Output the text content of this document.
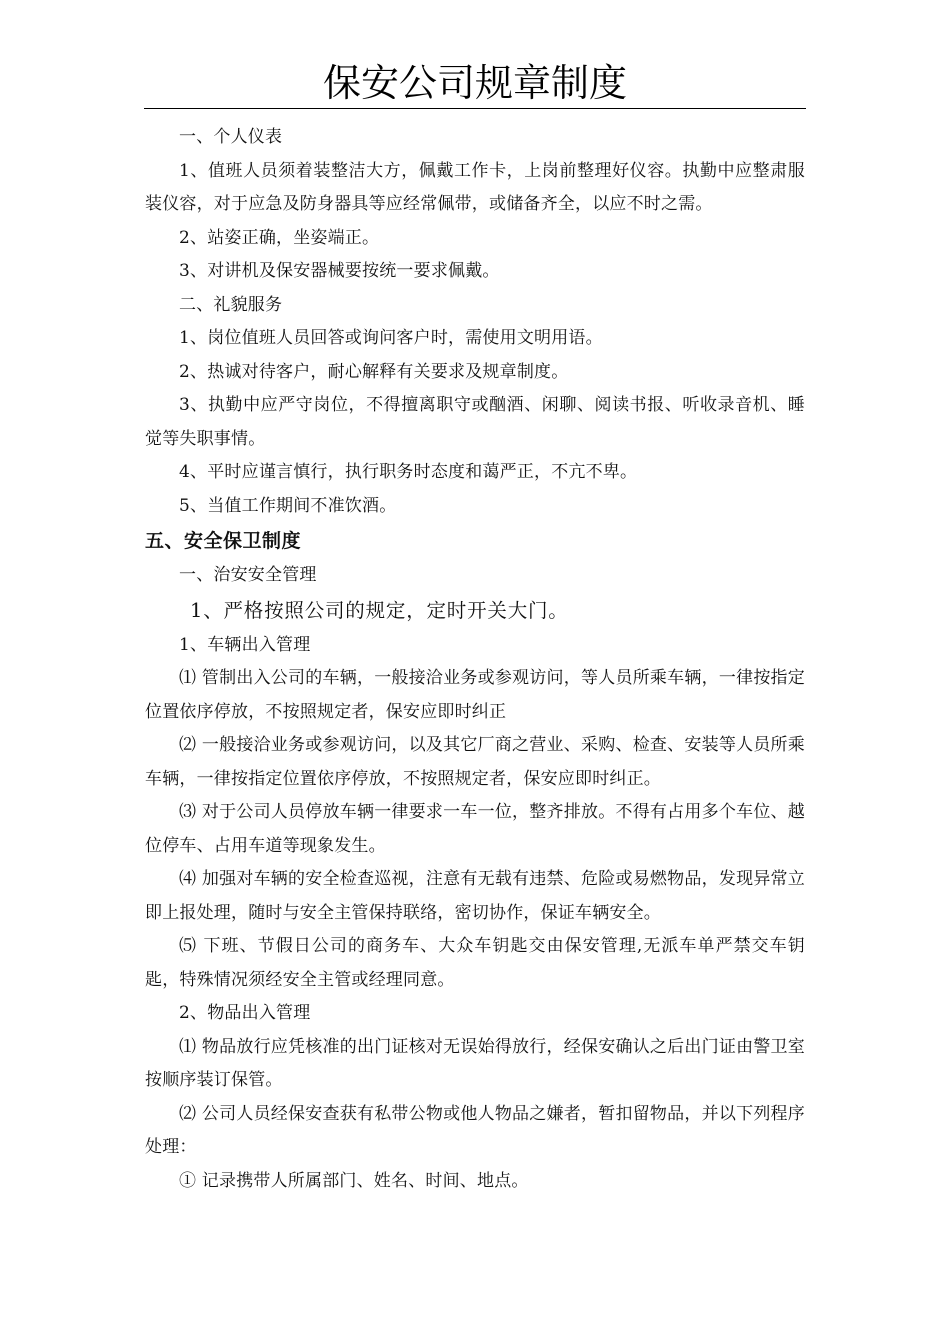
保安公司规章制度

一、个人仪表

1、值班人员须着装整洁大方，佩戴工作卡，上岗前整理好仪容。执勤中应整肃服装仪容，对于应急及防身器具等应经常佩带，或储备齐全，以应不时之需。

2、站姿正确，坐姿端正。

3、对讲机及保安器械要按统一要求佩戴。

二、礼貌服务

1、岗位值班人员回答或询问客户时，需使用文明用语。

2、热诚对待客户，耐心解释有关要求及规章制度。

3、执勤中应严守岗位，不得擅离职守或酗酒、闲聊、阅读书报、听收录音机、睡觉等失职事情。

4、平时应谨言慎行，执行职务时态度和蔼严正，不亢不卑。

5、当值工作期间不准饮酒。

五、安全保卫制度

一、治安安全管理

1、严格按照公司的规定，定时开关大门。

1、车辆出入管理

⑴ 管制出入公司的车辆，一般接洽业务或参观访问，等人员所乘车辆，一律按指定位置依序停放，不按照规定者，保安应即时纠正

⑵ 一般接洽业务或参观访问，以及其它厂商之营业、采购、检查、安装等人员所乘车辆，一律按指定位置依序停放，不按照规定者，保安应即时纠正。

⑶ 对于公司人员停放车辆一律要求一车一位，整齐排放。不得有占用多个车位、越位停车、占用车道等现象发生。

⑷ 加强对车辆的安全检查巡视，注意有无载有违禁、危险或易燃物品，发现异常立即上报处理，随时与安全主管保持联络，密切协作，保证车辆安全。

⑸ 下班、节假日公司的商务车、大众车钥匙交由保安管理,无派车单严禁交车钥匙，特殊情况须经安全主管或经理同意。

2、物品出入管理

⑴ 物品放行应凭核准的出门证核对无误始得放行，经保安确认之后出门证由警卫室按顺序装订保管。

⑵ 公司人员经保安查获有私带公物或他人物品之嫌者，暂扣留物品，并以下列程序处理：

① 记录携带人所属部门、姓名、时间、地点。
